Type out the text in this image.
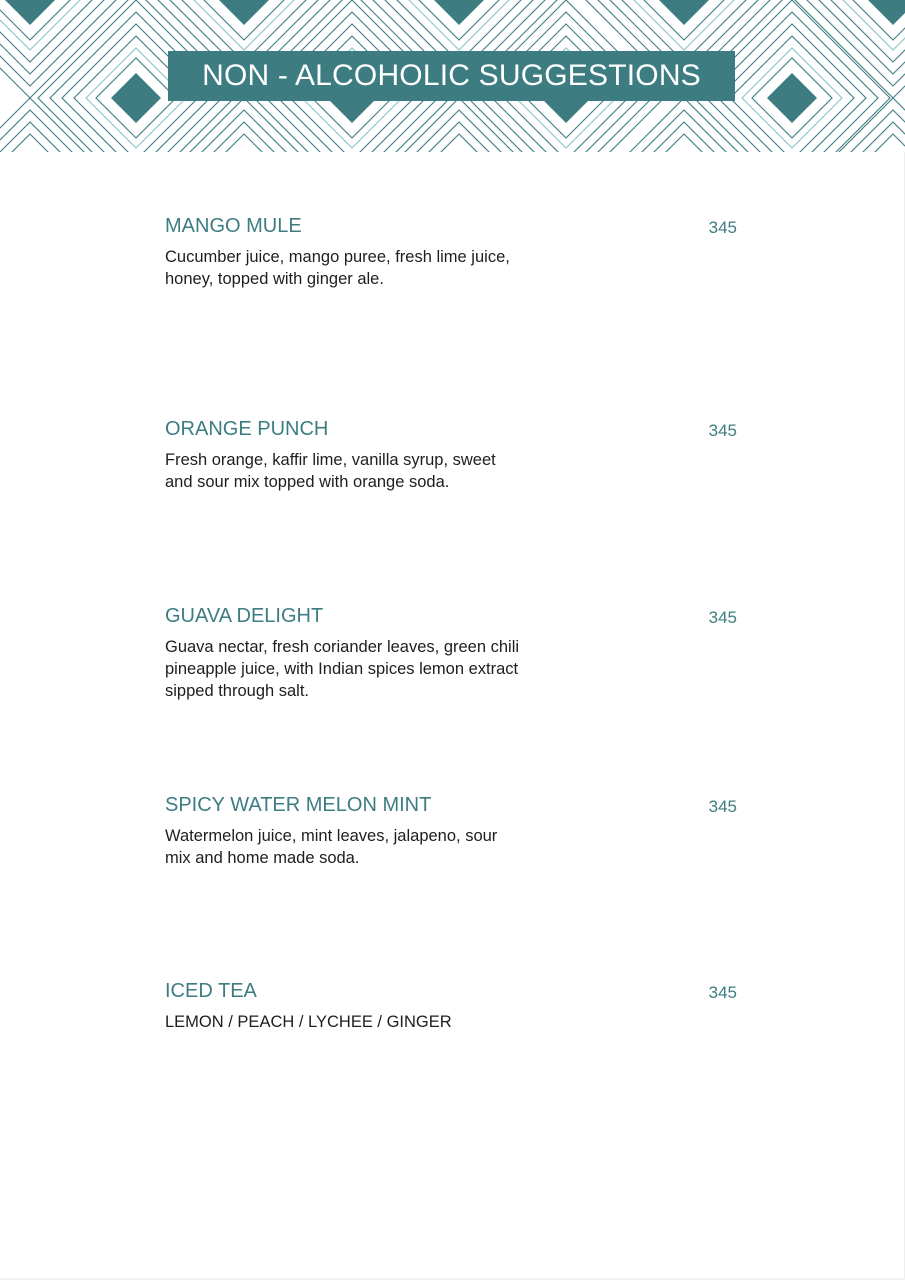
NON - ALCOHOLIC SUGGESTIONS
MANGO MULE	345
Cucumber juice, mango puree, fresh lime juice, honey, topped with ginger ale.
ORANGE PUNCH	345
Fresh orange, kaffir lime, vanilla syrup, sweet and sour mix topped with orange soda.
GUAVA DELIGHT	345
Guava nectar, fresh coriander leaves, green chili pineapple juice, with Indian spices lemon extract sipped through salt.
SPICY WATER MELON MINT	345
Watermelon juice, mint leaves, jalapeno, sour mix and home made soda.
ICED TEA	345
LEMON / PEACH / LYCHEE / GINGER
